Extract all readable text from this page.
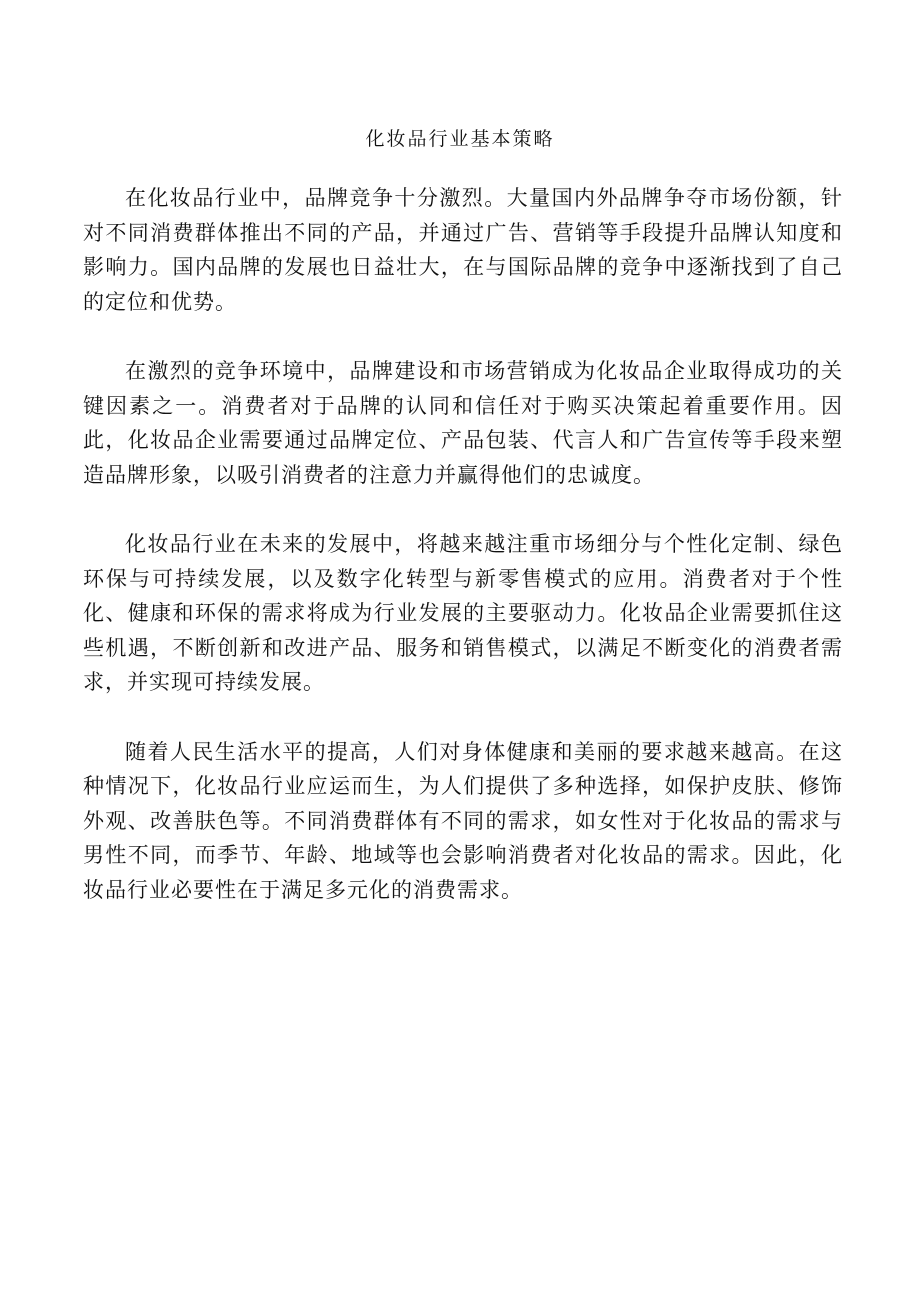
化妆品行业基本策略

在化妆品行业中，品牌竞争十分激烈。大量国内外品牌争夺市场份额，针对不同消费群体推出不同的产品，并通过广告、营销等手段提升品牌认知度和影响力。国内品牌的发展也日益壮大，在与国际品牌的竞争中逐渐找到了自己的定位和优势。

在激烈的竞争环境中，品牌建设和市场营销成为化妆品企业取得成功的关键因素之一。消费者对于品牌的认同和信任对于购买决策起着重要作用。因此，化妆品企业需要通过品牌定位、产品包装、代言人和广告宣传等手段来塑造品牌形象，以吸引消费者的注意力并赢得他们的忠诚度。

化妆品行业在未来的发展中，将越来越注重市场细分与个性化定制、绿色环保与可持续发展，以及数字化转型与新零售模式的应用。消费者对于个性化、健康和环保的需求将成为行业发展的主要驱动力。化妆品企业需要抓住这些机遇，不断创新和改进产品、服务和销售模式，以满足不断变化的消费者需求，并实现可持续发展。

随着人民生活水平的提高，人们对身体健康和美丽的要求越来越高。在这种情况下，化妆品行业应运而生，为人们提供了多种选择，如保护皮肤、修饰外观、改善肤色等。不同消费群体有不同的需求，如女性对于化妆品的需求与男性不同，而季节、年龄、地域等也会影响消费者对化妆品的需求。因此，化妆品行业必要性在于满足多元化的消费需求。
